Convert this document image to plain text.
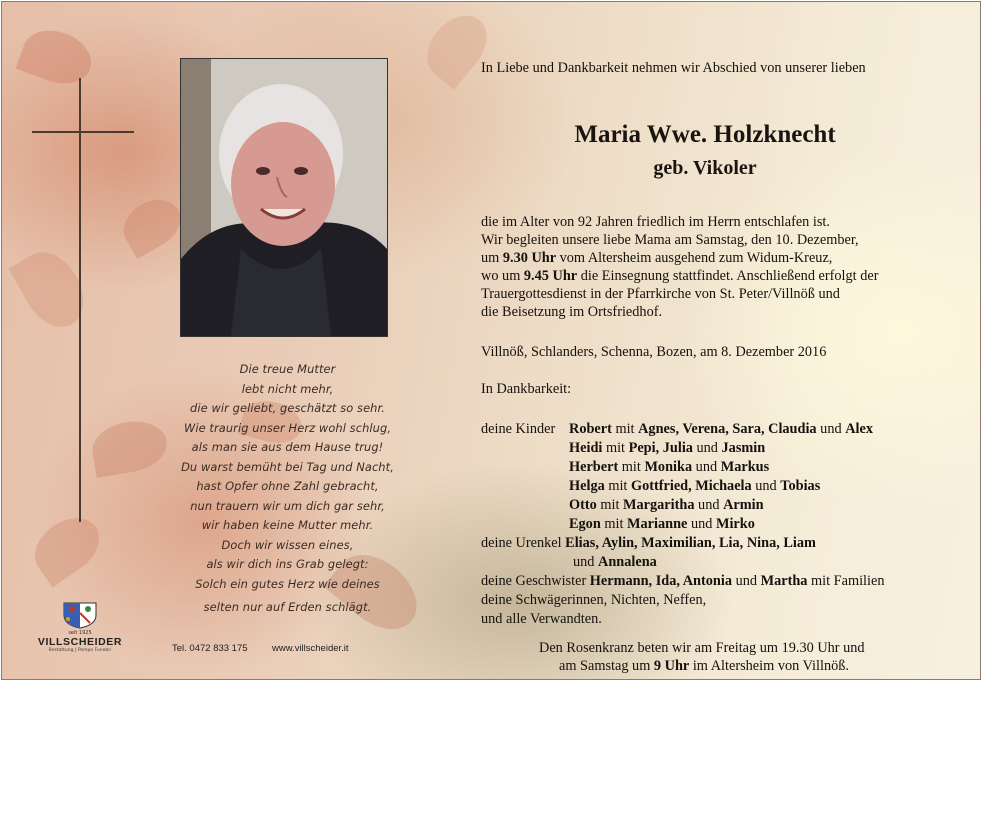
Die treue Mutter
lebt nicht mehr,
die wir geliebt, geschätzt so sehr.
Wie traurig unser Herz wohl schlug,
als man sie aus dem Hause trug!
Du warst bemüht bei Tag und Nacht,
hast Opfer ohne Zahl gebracht,
nun trauern wir um dich gar sehr,
wir haben keine Mutter mehr.
Doch wir wissen eines,
als wir dich ins Grab gelegt:
Solch ein gutes Herz wie deines
selten nur auf Erden schlägt.
seit 1925
VILLSCHEIDER
Bestattung | Pompe Funebri	Tel. 0472 833 175	www.villscheider.it
In Liebe und Dankbarkeit nehmen wir Abschied von unserer lieben
Maria Wwe. Holzknecht
geb. Vikoler
die im Alter von 92 Jahren friedlich im Herrn entschlafen ist.
Wir begleiten unsere liebe Mama am Samstag, den 10. Dezember,
um 9.30 Uhr vom Altersheim ausgehend zum Widum-Kreuz,
wo um 9.45 Uhr die Einsegnung stattfindet. Anschließend erfolgt der
Trauergottesdienst in der Pfarrkirche von St. Peter/Villnöß und
die Beisetzung im Ortsfriedhof.
Villnöß, Schlanders, Schenna, Bozen, am 8. Dezember 2016
In Dankbarkeit:
deine Kinder Robert mit Agnes, Verena, Sara, Claudia und Alex
Heidi mit Pepi, Julia und Jasmin
Herbert mit Monika und Markus
Helga mit Gottfried, Michaela und Tobias
Otto mit Margaritha und Armin
Egon mit Marianne und Mirko
deine Urenkel Elias, Aylin, Maximilian, Lia, Nina, Liam
und Annalena
deine Geschwister Hermann, Ida, Antonia und Martha mit Familien
deine Schwägerinnen, Nichten, Neffen,
und alle Verwandten.
Den Rosenkranz beten wir am Freitag um 19.30 Uhr und
am Samstag um 9 Uhr im Altersheim von Villnöß.
